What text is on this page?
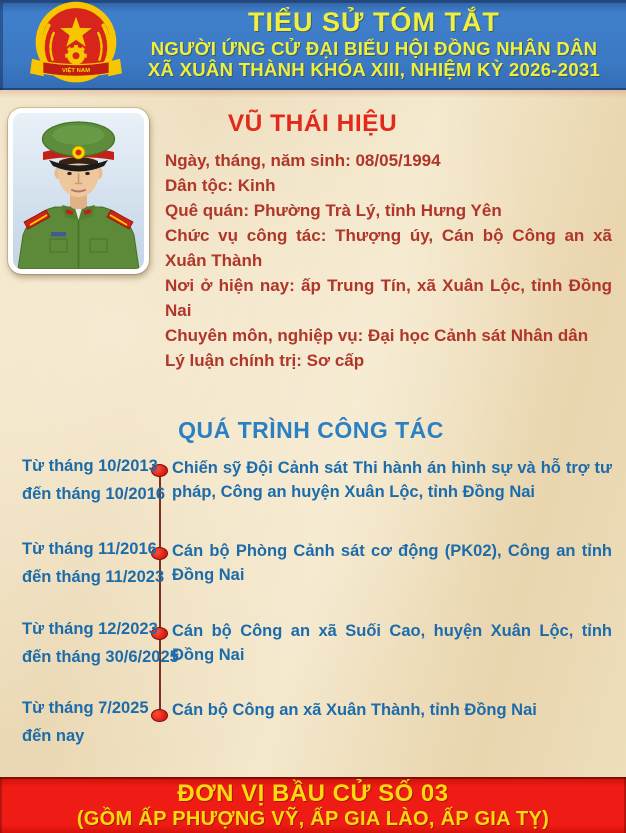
VIỆT NAM
TIỂU SỬ TÓM TẮT
NGƯỜI ỨNG CỬ ĐẠI BIỂU HỘI ĐỒNG NHÂN DÂN
XÃ XUÂN THÀNH KHÓA XIII, NHIỆM KỲ 2026-2031
VŨ THÁI HIỆU

Ngày, tháng, năm sinh: 08/05/1994

Dân tộc: Kinh

Quê quán: Phường Trà Lý, tỉnh Hưng Yên

Chức vụ công tác: Thượng úy, Cán bộ Công an xã Xuân Thành

Nơi ở hiện nay: ấp Trung Tín, xã Xuân Lộc, tỉnh Đồng Nai

Chuyên môn, nghiệp vụ: Đại học Cảnh sát Nhân dân

Lý luận chính trị: Sơ cấp

QUÁ TRÌNH CÔNG TÁC
Từ tháng 10/2013
đến tháng 10/2016
Chiến sỹ Đội Cảnh sát Thi hành án hình sự và hỗ trợ tư pháp, Công an huyện Xuân Lộc, tỉnh Đồng Nai
Từ tháng 11/2016
đến tháng 11/2023
Cán bộ Phòng Cảnh sát cơ động (PK02), Công an tỉnh Đồng Nai
Từ tháng 12/2023
đến tháng 30/6/2025
Cán bộ Công an xã Suối Cao, huyện Xuân Lộc, tỉnh Đồng Nai
Từ tháng 7/2025
đến nay
Cán bộ Công an xã Xuân Thành, tỉnh Đồng Nai
ĐƠN VỊ BẦU CỬ SỐ 03
(GỒM ẤP PHƯỢNG VỸ, ẤP GIA LÀO, ẤP GIA TỴ)
